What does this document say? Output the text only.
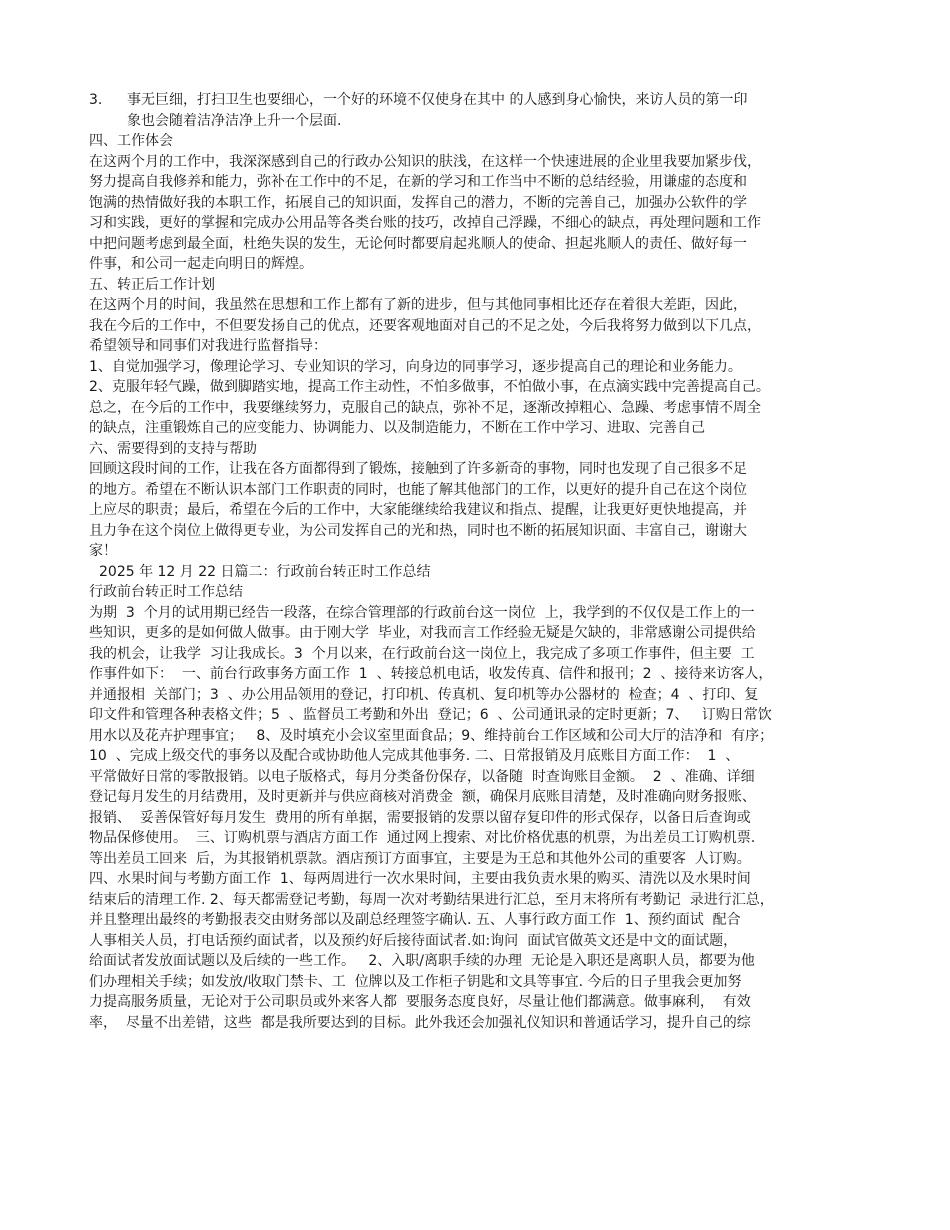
3. 事无巨细，打扫卫生也要细心，一个好的环境不仅使身在其中 的人感到身心愉快，来访人员的第一印
象也会随着洁净洁净上升一个层面.
四、工作体会
在这两个月的工作中，我深深感到自己的行政办公知识的肤浅，在这样一个快速进展的企业里我要加紧步伐，
努力提高自我修养和能力，弥补在工作中的不足，在新的学习和工作当中不断的总结经验，用谦虚的态度和
饱满的热情做好我的本职工作，拓展自己的知识面，发挥自己的潜力，不断的完善自己，加强办公软件的学
习和实践，更好的掌握和完成办公用品等各类台账的技巧，改掉自己浮躁，不细心的缺点，再处理问题和工作
中把问题考虑到最全面，杜绝失误的发生，无论何时都要肩起兆顺人的使命、担起兆顺人的责任、做好每一
件事，和公司一起走向明日的辉煌。
五、转正后工作计划
在这两个月的时间，我虽然在思想和工作上都有了新的进步，但与其他同事相比还存在着很大差距，因此，
我在今后的工作中，不但要发扬自己的优点，还要客观地面对自己的不足之处，今后我将努力做到以下几点，
希望领导和同事们对我进行监督指导：
1、自觉加强学习，像理论学习、专业知识的学习，向身边的同事学习，逐步提高自己的理论和业务能力。
2、克服年轻气躁，做到脚踏实地，提高工作主动性，不怕多做事，不怕做小事，在点滴实践中完善提高自己。
总之，在今后的工作中，我要继续努力，克服自己的缺点，弥补不足，逐渐改掉粗心、急躁、考虑事情不周全
的缺点，注重锻炼自己的应变能力、协调能力、以及制造能力，不断在工作中学习、进取、完善自己
六、需要得到的支持与帮助
回顾这段时间的工作，让我在各方面都得到了锻炼，接触到了许多新奇的事物，同时也发现了自己很多不足
的地方。希望在不断认识本部门工作职责的同时，也能了解其他部门的工作，以更好的提升自己在这个岗位
上应尽的职责；最后，希望在今后的工作中，大家能继续给我建议和指点、提醒，让我更好更快地提高，并
且力争在这个岗位上做得更专业，为公司发挥自己的光和热，同时也不断的拓展知识面、丰富自己，谢谢大
家！
2025 年 12 月 22 日篇二：行政前台转正时工作总结
行政前台转正时工作总结
为期  3  个月的试用期已经告一段落，在综合管理部的行政前台这一岗位  上，我学到的不仅仅是工作上的一
些知识，更多的是如何做人做事。由于刚大学  毕业，对我而言工作经验无疑是欠缺的，非常感谢公司提供给
我的机会，让我学  习让我成长。3  个月以来，在行政前台这一岗位上，我完成了多项工作事件，但主要  工
作事件如下：  一、前台行政事务方面工作  1  、转接总机电话，收发传真、信件和报刊；2  、接待来访客人，
并通报相  关部门；3  、办公用品领用的登记，打印机、传真机、复印机等办公器材的  检查；4  、打印、复
印文件和管理各种表格文件；5  、监督员工考勤和外出  登记；6  、公司通讯录的定时更新；7、   订购日常饮
用水以及花卉护理事宜；   8、及时填充小会议室里面食品；9、维持前台工作区域和公司大厅的洁净和  有序；
10  、完成上级交代的事务以及配合或协助他人完成其他事务. 二、日常报销及月底账目方面工作：  1  、
平常做好日常的零散报销。以电子版格式，每月分类备份保存，以备随  时查询账目金额。  2  、准确、详细
登记每月发生的月结费用，及时更新并与供应商核对消费金  额，确保月底账目清楚，及时准确向财务报账、
报销、  妥善保管好每月发生  费用的所有单据，需要报销的发票以留存复印件的形式保存，以备日后查询或
物品保修使用。  三、订购机票与酒店方面工作  通过网上搜索、对比价格优惠的机票，为出差员工订购机票.
等出差员工回来  后，为其报销机票款。酒店预订方面事宜，主要是为王总和其他外公司的重要客  人订购。
四、水果时间与考勤方面工作  1、每两周进行一次水果时间，主要由我负责水果的购买、清洗以及水果时间
结束后的清理工作. 2、每天都需登记考勤，每周一次对考勤结果进行汇总，至月末将所有考勤记  录进行汇总，
并且整理出最终的考勤报表交由财务部以及副总经理签字确认. 五、人事行政方面工作  1、预约面试  配合
人事相关人员，打电话预约面试者，以及预约好后接待面试者.如:询问  面试官做英文还是中文的面试题，
给面试者发放面试题以及后续的一些工作。   2、入职/离职手续的办理  无论是入职还是离职人员，都要为他
们办理相关手续；如发放/收取门禁卡、工  位牌以及工作柜子钥匙和文具等事宜. 今后的日子里我会更加努
力提高服务质量，无论对于公司职员或外来客人都  要服务态度良好，尽量让他们都满意。做事麻利，  有效
率，  尽量不出差错，这些  都是我所要达到的目标。此外我还会加强礼仪知识和普通话学习，提升自己的综
